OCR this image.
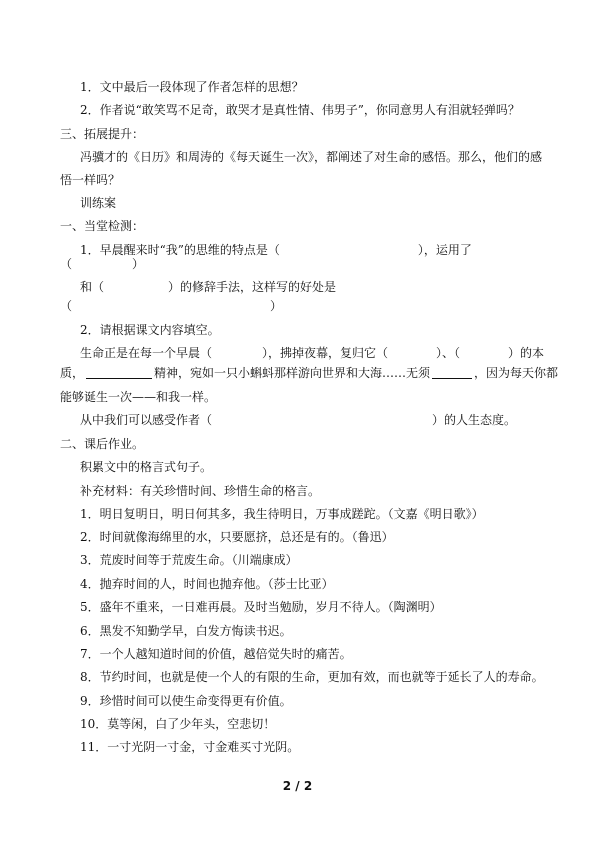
1．文中最后一段体现了作者怎样的思想？
2．作者说“敢笑骂不足奇，敢哭才是真性情、伟男子”，你同意男人有泪就轻弹吗？
三、拓展提升：
冯骥才的《日历》和周涛的《每天诞生一次》，都阐述了对生命的感悟。那么，他们的感
悟一样吗？
训练案
一、当堂检测：
1．早晨醒来时“我”的思维的特点是（	），运用了
（	）
和（	）的修辞手法，这样写的好处是
（	）
2．请根据课文内容填空。
生命正是在每一个早晨（	），拂掉夜幕，复归它（	）、（	）的本
质，	精神，宛如一只小蝌蚪那样游向世界和大海……无须	，因为每天你都
能够诞生一次——和我一样。
从中我们可以感受作者（	）的人生态度。
二、课后作业。
积累文中的格言式句子。
补充材料：有关珍惜时间、珍惜生命的格言。
1．明日复明日，明日何其多，我生待明日，万事成蹉跎。（文嘉《明日歌》）
2．时间就像海绵里的水，只要愿挤，总还是有的。（鲁迅）
3．荒废时间等于荒废生命。（川端康成）
4．抛弃时间的人，时间也抛弃他。（莎士比亚）
5．盛年不重来，一日难再晨。及时当勉励，岁月不待人。（陶渊明）
6．黑发不知勤学早，白发方悔读书迟。
7．一个人越知道时间的价值，越倍觉失时的痛苦。
8．节约时间，也就是使一个人的有限的生命，更加有效，而也就等于延长了人的寿命。
9．珍惜时间可以使生命变得更有价值。
10．莫等闲，白了少年头，空悲切！
11．一寸光阴一寸金，寸金难买寸光阴。
2 / 2
